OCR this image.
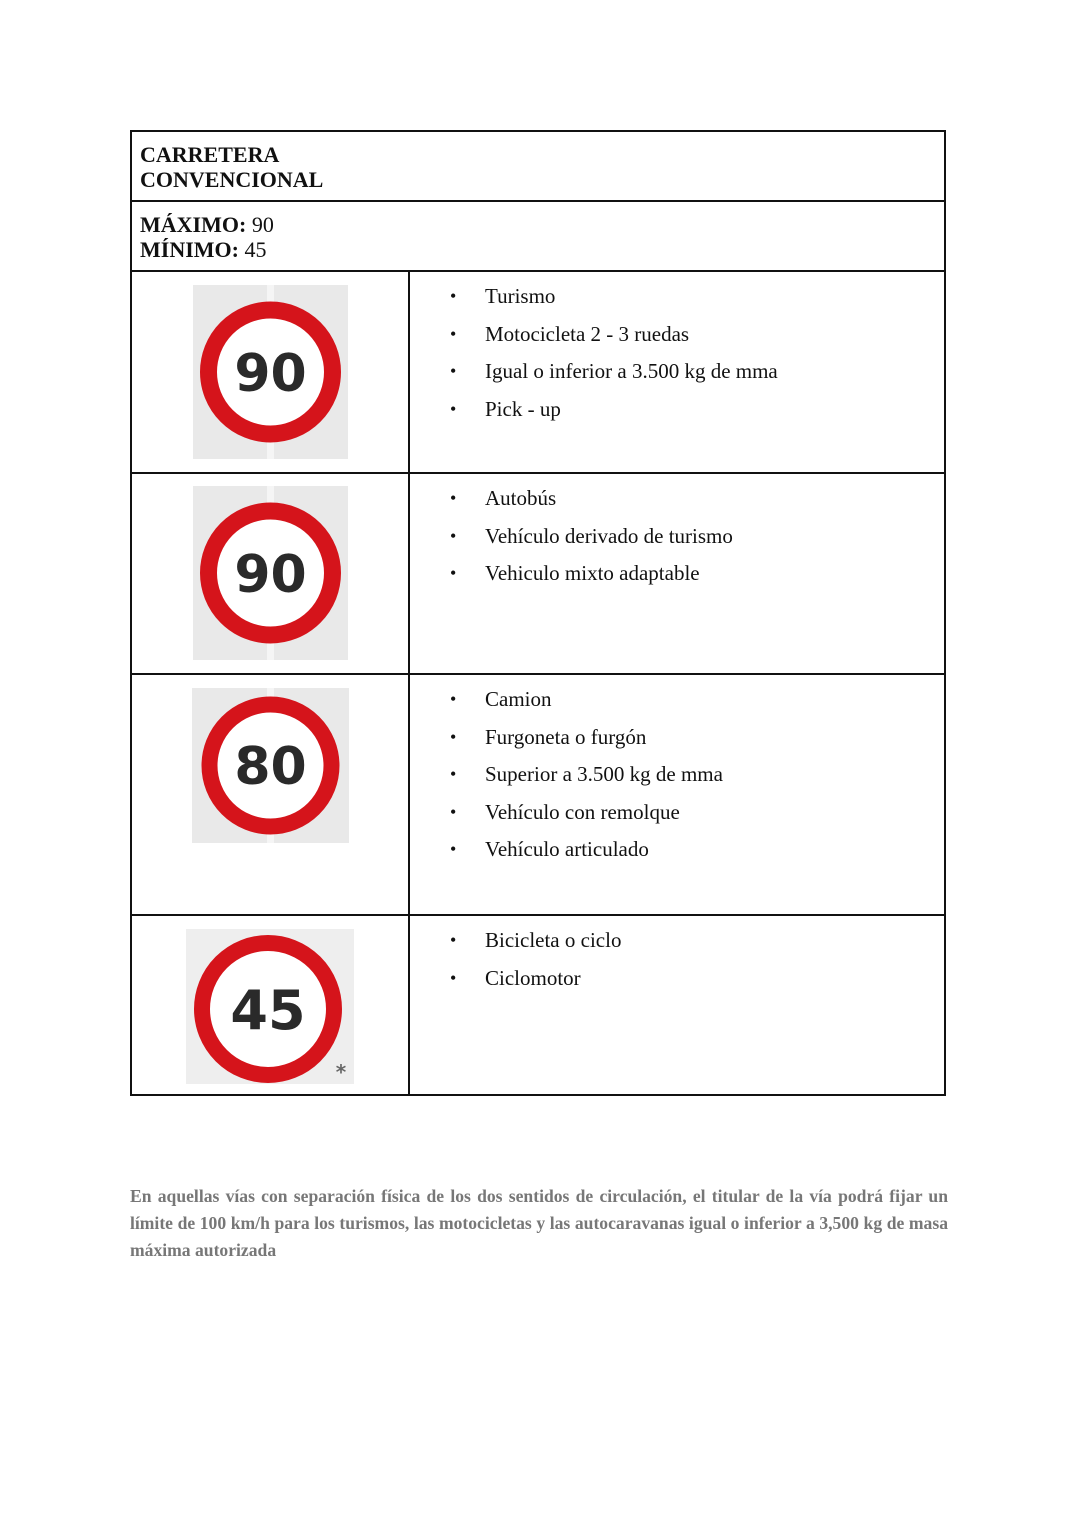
CARRETERA
CONVENCIONAL
MÁXIMO: 90
MÍNIMO: 45
90
• Turismo
• Motocicleta 2 - 3 ruedas
• Igual o inferior a 3.500 kg de mma
• Pick - up
90
• Autobús
• Vehículo derivado de turismo
• Vehiculo mixto adaptable
80
• Camion
• Furgoneta o furgón
• Superior a 3.500 kg de mma
• Vehículo con remolque
• Vehículo articulado
45
*
• Bicicleta o ciclo
• Ciclomotor

En aquellas vías con separación física de los dos sentidos de circulación, el titular de la vía podrá fijar un límite de 100 km/h para los turismos, las motocicletas y las autocaravanas igual o inferior a 3,500 kg de masa máxima autorizada
